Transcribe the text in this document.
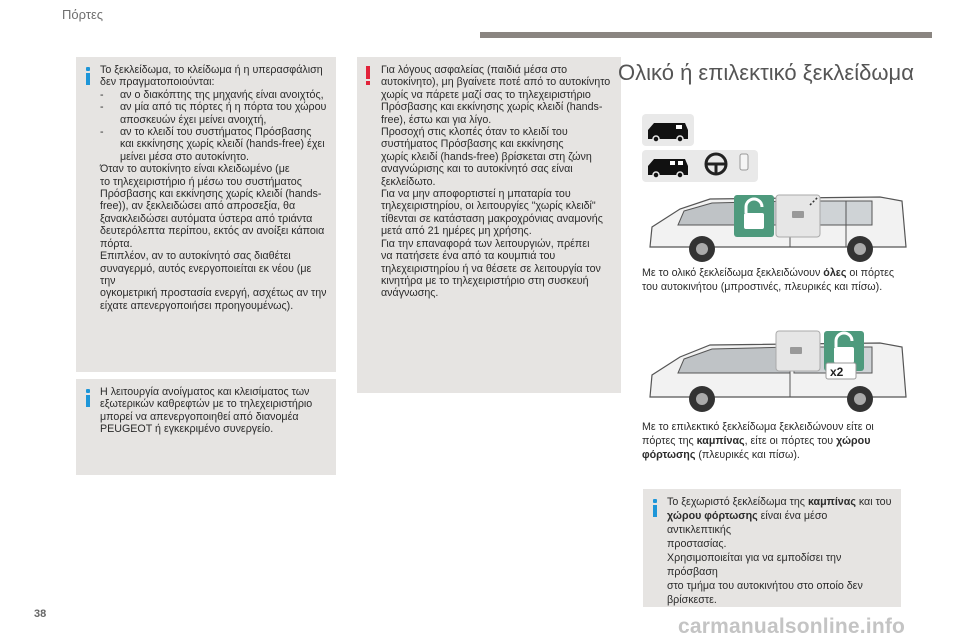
Πόρτες

Το ξεκλείδωμα, το κλείδωμα ή η υπερασφάλιση

δεν πραγματοποιούνται:

- αν ο διακόπτης της μηχανής είναι ανοιχτός,

- αν μία από τις πόρτες ή η πόρτα του χώρου

αποσκευών έχει μείνει ανοιχτή,

- αν το κλειδί του συστήματος Πρόσβασης

και εκκίνησης χωρίς κλειδί (hands-free) έχει

μείνει μέσα στο αυτοκίνητο.

Όταν το αυτοκίνητο είναι κλειδωμένο (με

το τηλεχειριστήριο ή μέσω του συστήματος

Πρόσβασης και εκκίνησης χωρίς κλειδί (hands-

free)), αν ξεκλειδώσει από απροσεξία, θα

ξανακλειδώσει αυτόματα ύστερα από τριάντα

δευτερόλεπτα περίπου, εκτός αν ανοίξει κάποια

πόρτα.

Επιπλέον, αν το αυτοκίνητό σας διαθέτει

συναγερμό, αυτός ενεργοποιείται εκ νέου (με την

ογκομετρική προστασία ενεργή, ασχέτως αν την

είχατε απενεργοποιήσει προηγουμένως).

Η λειτουργία ανοίγματος και κλεισίματος των

εξωτερικών καθρεφτών με το τηλεχειριστήριο

μπορεί να απενεργοποιηθεί από διανομέα

PEUGEOT ή εγκεκριμένο συνεργείο.

Για λόγους ασφαλείας (παιδιά μέσα στο

αυτοκίνητο), μη βγαίνετε ποτέ από το αυτοκίνητο

χωρίς να πάρετε μαζί σας το τηλεχειριστήριο

Πρόσβασης και εκκίνησης χωρίς κλειδί (hands-

free), έστω και για λίγο.

Προσοχή στις κλοπές όταν το κλειδί του

συστήματος Πρόσβασης και εκκίνησης

χωρίς κλειδί (hands-free) βρίσκεται στη ζώνη

αναγνώρισης και το αυτοκίνητό σας είναι

ξεκλείδωτο.

Για να μην αποφορτιστεί η μπαταρία του

τηλεχειριστηρίου, οι λειτουργίες "χωρίς κλειδί"

τίθενται σε κατάσταση μακροχρόνιας αναμονής

μετά από 21 ημέρες μη χρήσης.

Για την επαναφορά των λειτουργιών, πρέπει

να πατήσετε ένα από τα κουμπιά του

τηλεχειριστηρίου ή να θέσετε σε λειτουργία τον

κινητήρα με το τηλεχειριστήριο στη συσκευή

ανάγνωσης.

Ολικό ή επιλεκτικό ξεκλείδωμα
Με το ολικό ξεκλείδωμα ξεκλειδώνουν όλες οι πόρτες
του αυτοκινήτου (μπροστινές, πλευρικές και πίσω).
x2
Με το επιλεκτικό ξεκλείδωμα ξεκλειδώνουν είτε οι
πόρτες της καμπίνας, είτε οι πόρτες του χώρου
φόρτωσης (πλευρικές και πίσω).

Το ξεχωριστό ξεκλείδωμα της καμπίνας και του

χώρου φόρτωσης είναι ένα μέσο αντικλεπτικής

προστασίας.

Χρησιμοποιείται για να εμποδίσει την πρόσβαση

στο τμήμα του αυτοκινήτου στο οποίο δεν

βρίσκεστε.

38
carmanualsonline.info
